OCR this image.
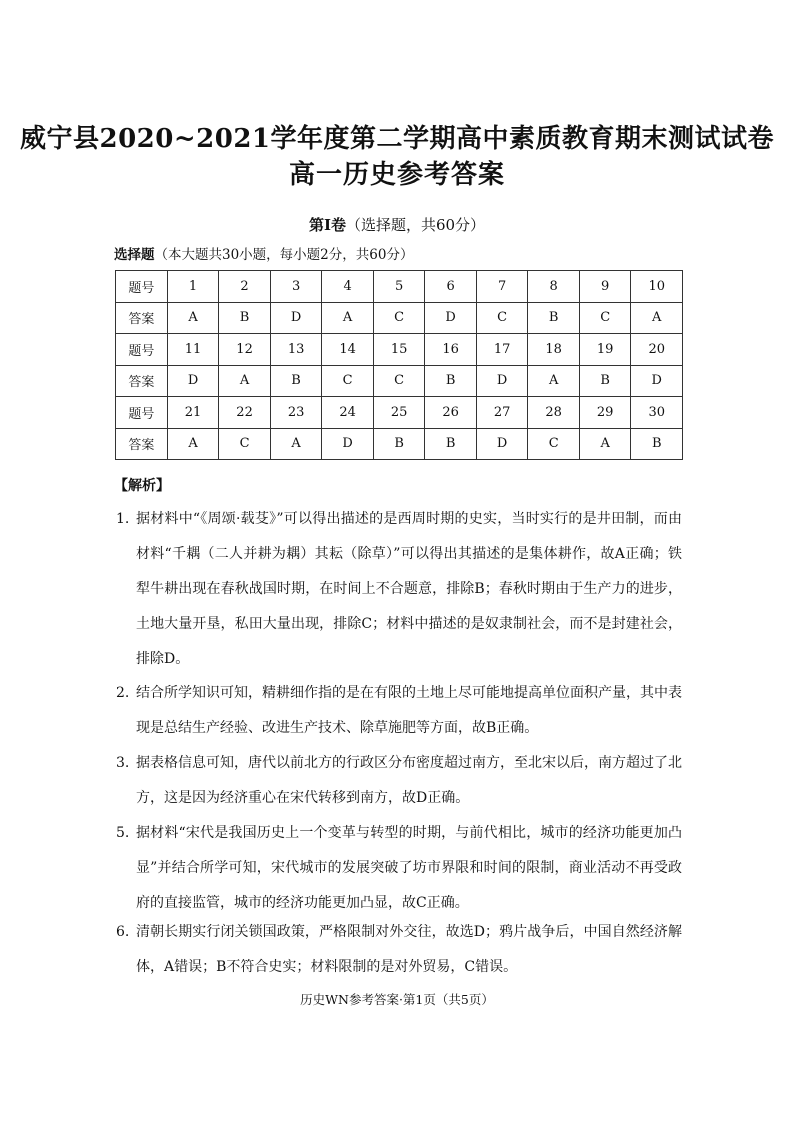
威宁县2020~2021学年度第二学期高中素质教育期末测试试卷
高一历史参考答案
第Ⅰ卷（选择题，共60分）
选择题（本大题共30小题，每小题2分，共60分）
题号	1	2	3	4	5	6	7	8	9	10
答案	A	B	D	A	C	D	C	B	C	A
题号	11	12	13	14	15	16	17	18	19	20
答案	D	A	B	C	C	B	D	A	B	D
题号	21	22	23	24	25	26	27	28	29	30
答案	A	C	A	D	B	B	D	C	A	B
【解析】
1. 据材料中“《周颂·载芟》”可以得出描述的是西周时期的史实，当时实行的是井田制，而由材料“千耦（二人并耕为耦）其耘（除草）”可以得出其描述的是集体耕作，故A正确；铁犁牛耕出现在春秋战国时期，在时间上不合题意，排除B；春秋时期由于生产力的进步，土地大量开垦，私田大量出现，排除C；材料中描述的是奴隶制社会，而不是封建社会，排除D。
2. 结合所学知识可知，精耕细作指的是在有限的土地上尽可能地提高单位面积产量，其中表现是总结生产经验、改进生产技术、除草施肥等方面，故B正确。
3. 据表格信息可知，唐代以前北方的行政区分布密度超过南方，至北宋以后，南方超过了北方，这是因为经济重心在宋代转移到南方，故D正确。
5. 据材料“宋代是我国历史上一个变革与转型的时期，与前代相比，城市的经济功能更加凸显”并结合所学可知，宋代城市的发展突破了坊市界限和时间的限制，商业活动不再受政府的直接监管，城市的经济功能更加凸显，故C正确。
6. 清朝长期实行闭关锁国政策，严格限制对外交往，故选D；鸦片战争后，中国自然经济解体，A错误；B不符合史实；材料限制的是对外贸易，C错误。
历史WN参考答案·第1页（共5页）
